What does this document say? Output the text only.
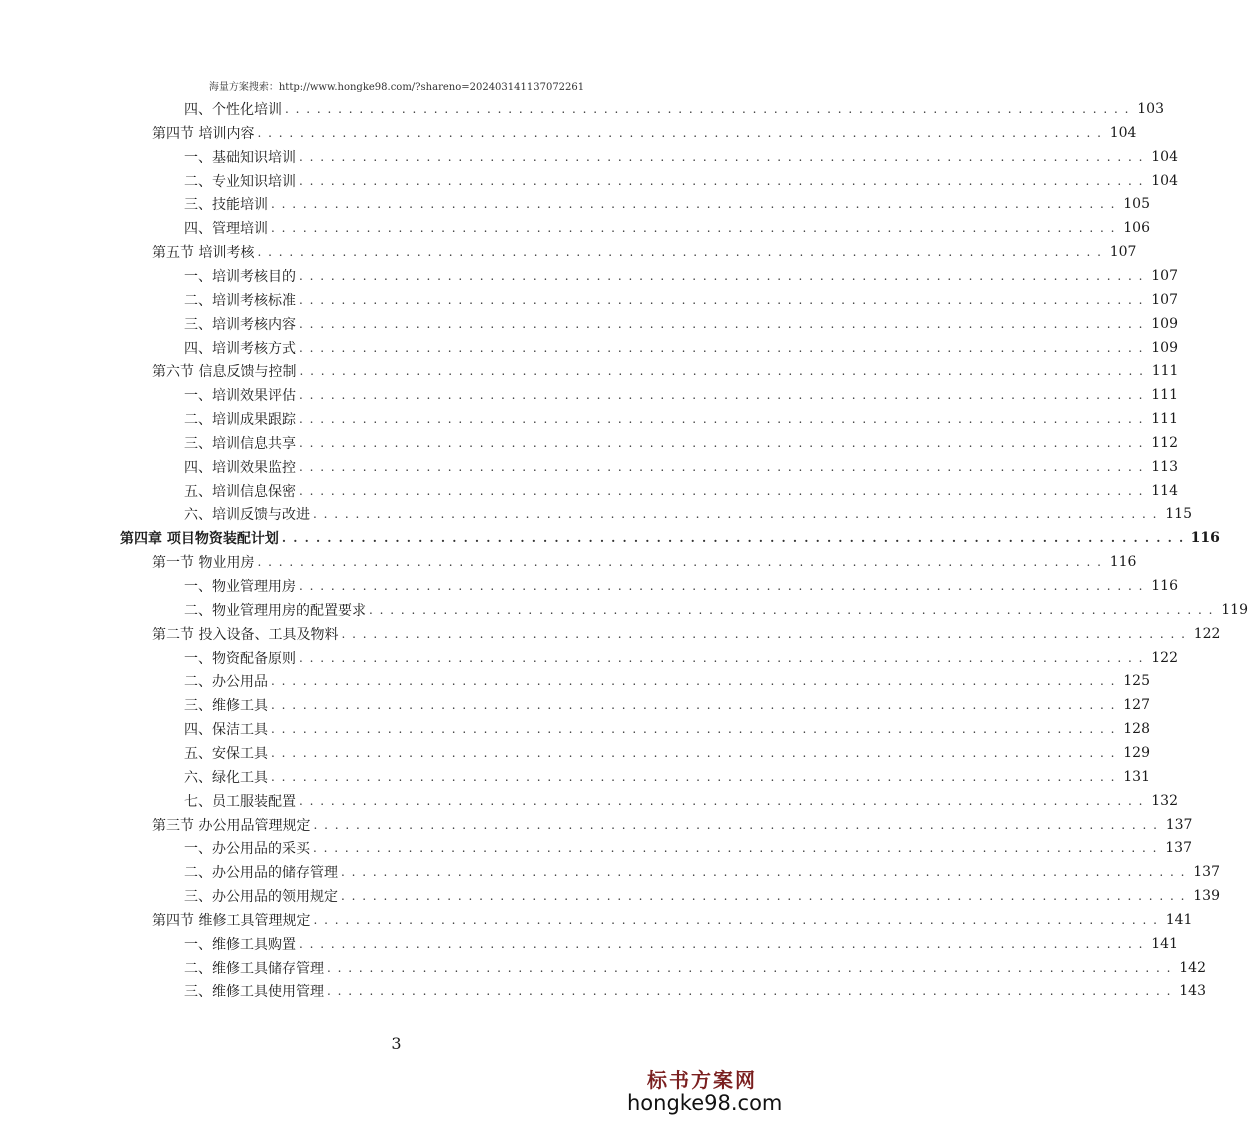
海量方案搜索：http://www.hongke98.com/?shareno=202403141137072261
四、个性化培训 . . . . . . . . . . . . . . . . . . . . . . . . . . . . . . . . . . . . . . . . . . . . . . . . . . . . . . . . . . . . . . . . . . . . . . . . . . . . . . . . 103
第四节 培训内容 . . . . . . . . . . . . . . . . . . . . . . . . . . . . . . . . . . . . . . . . . . . . . . . . . . . . . . . . . . . . . . . . . . . . . . . . . . . . . . . . 104
一、基础知识培训 . . . . . . . . . . . . . . . . . . . . . . . . . . . . . . . . . . . . . . . . . . . . . . . . . . . . . . . . . . . . . . . . . . . . . . . . . . . . . . . . 104
二、专业知识培训 . . . . . . . . . . . . . . . . . . . . . . . . . . . . . . . . . . . . . . . . . . . . . . . . . . . . . . . . . . . . . . . . . . . . . . . . . . . . . . . . 104
三、技能培训 . . . . . . . . . . . . . . . . . . . . . . . . . . . . . . . . . . . . . . . . . . . . . . . . . . . . . . . . . . . . . . . . . . . . . . . . . . . . . . . . 105
四、管理培训 . . . . . . . . . . . . . . . . . . . . . . . . . . . . . . . . . . . . . . . . . . . . . . . . . . . . . . . . . . . . . . . . . . . . . . . . . . . . . . . . 106
第五节 培训考核 . . . . . . . . . . . . . . . . . . . . . . . . . . . . . . . . . . . . . . . . . . . . . . . . . . . . . . . . . . . . . . . . . . . . . . . . . . . . . . . . 107
一、培训考核目的 . . . . . . . . . . . . . . . . . . . . . . . . . . . . . . . . . . . . . . . . . . . . . . . . . . . . . . . . . . . . . . . . . . . . . . . . . . . . . . . . 107
二、培训考核标准 . . . . . . . . . . . . . . . . . . . . . . . . . . . . . . . . . . . . . . . . . . . . . . . . . . . . . . . . . . . . . . . . . . . . . . . . . . . . . . . . 107
三、培训考核内容 . . . . . . . . . . . . . . . . . . . . . . . . . . . . . . . . . . . . . . . . . . . . . . . . . . . . . . . . . . . . . . . . . . . . . . . . . . . . . . . . 109
四、培训考核方式 . . . . . . . . . . . . . . . . . . . . . . . . . . . . . . . . . . . . . . . . . . . . . . . . . . . . . . . . . . . . . . . . . . . . . . . . . . . . . . . . 109
第六节 信息反馈与控制 . . . . . . . . . . . . . . . . . . . . . . . . . . . . . . . . . . . . . . . . . . . . . . . . . . . . . . . . . . . . . . . . . . . . . . . . . . . . . . . . 111
一、培训效果评估 . . . . . . . . . . . . . . . . . . . . . . . . . . . . . . . . . . . . . . . . . . . . . . . . . . . . . . . . . . . . . . . . . . . . . . . . . . . . . . . . 111
二、培训成果跟踪 . . . . . . . . . . . . . . . . . . . . . . . . . . . . . . . . . . . . . . . . . . . . . . . . . . . . . . . . . . . . . . . . . . . . . . . . . . . . . . . . 111
三、培训信息共享 . . . . . . . . . . . . . . . . . . . . . . . . . . . . . . . . . . . . . . . . . . . . . . . . . . . . . . . . . . . . . . . . . . . . . . . . . . . . . . . . 112
四、培训效果监控 . . . . . . . . . . . . . . . . . . . . . . . . . . . . . . . . . . . . . . . . . . . . . . . . . . . . . . . . . . . . . . . . . . . . . . . . . . . . . . . . 113
五、培训信息保密 . . . . . . . . . . . . . . . . . . . . . . . . . . . . . . . . . . . . . . . . . . . . . . . . . . . . . . . . . . . . . . . . . . . . . . . . . . . . . . . . 114
六、培训反馈与改进 . . . . . . . . . . . . . . . . . . . . . . . . . . . . . . . . . . . . . . . . . . . . . . . . . . . . . . . . . . . . . . . . . . . . . . . . . . . . . . . . 115
第四章 项目物资装配计划 . . . . . . . . . . . . . . . . . . . . . . . . . . . . . . . . . . . . . . . . . . . . . . . . . . . . . . . . . . . . . . . . . . . . . . . . . . . . . . . . 116
第一节 物业用房 . . . . . . . . . . . . . . . . . . . . . . . . . . . . . . . . . . . . . . . . . . . . . . . . . . . . . . . . . . . . . . . . . . . . . . . . . . . . . . . . 116
一、物业管理用房 . . . . . . . . . . . . . . . . . . . . . . . . . . . . . . . . . . . . . . . . . . . . . . . . . . . . . . . . . . . . . . . . . . . . . . . . . . . . . . . . 116
二、物业管理用房的配置要求 . . . . . . . . . . . . . . . . . . . . . . . . . . . . . . . . . . . . . . . . . . . . . . . . . . . . . . . . . . . . . . . . . . . . . . . . . . . . . . . . 119
第二节 投入设备、工具及物料 . . . . . . . . . . . . . . . . . . . . . . . . . . . . . . . . . . . . . . . . . . . . . . . . . . . . . . . . . . . . . . . . . . . . . . . . . . . . . . . . 122
一、物资配备原则 . . . . . . . . . . . . . . . . . . . . . . . . . . . . . . . . . . . . . . . . . . . . . . . . . . . . . . . . . . . . . . . . . . . . . . . . . . . . . . . . 122
二、办公用品 . . . . . . . . . . . . . . . . . . . . . . . . . . . . . . . . . . . . . . . . . . . . . . . . . . . . . . . . . . . . . . . . . . . . . . . . . . . . . . . . 125
三、维修工具 . . . . . . . . . . . . . . . . . . . . . . . . . . . . . . . . . . . . . . . . . . . . . . . . . . . . . . . . . . . . . . . . . . . . . . . . . . . . . . . . 127
四、保洁工具 . . . . . . . . . . . . . . . . . . . . . . . . . . . . . . . . . . . . . . . . . . . . . . . . . . . . . . . . . . . . . . . . . . . . . . . . . . . . . . . . 128
五、安保工具 . . . . . . . . . . . . . . . . . . . . . . . . . . . . . . . . . . . . . . . . . . . . . . . . . . . . . . . . . . . . . . . . . . . . . . . . . . . . . . . . 129
六、绿化工具 . . . . . . . . . . . . . . . . . . . . . . . . . . . . . . . . . . . . . . . . . . . . . . . . . . . . . . . . . . . . . . . . . . . . . . . . . . . . . . . . 131
七、员工服装配置 . . . . . . . . . . . . . . . . . . . . . . . . . . . . . . . . . . . . . . . . . . . . . . . . . . . . . . . . . . . . . . . . . . . . . . . . . . . . . . . . 132
第三节 办公用品管理规定 . . . . . . . . . . . . . . . . . . . . . . . . . . . . . . . . . . . . . . . . . . . . . . . . . . . . . . . . . . . . . . . . . . . . . . . . . . . . . . . . 137
一、办公用品的采买 . . . . . . . . . . . . . . . . . . . . . . . . . . . . . . . . . . . . . . . . . . . . . . . . . . . . . . . . . . . . . . . . . . . . . . . . . . . . . . . . 137
二、办公用品的储存管理 . . . . . . . . . . . . . . . . . . . . . . . . . . . . . . . . . . . . . . . . . . . . . . . . . . . . . . . . . . . . . . . . . . . . . . . . . . . . . . . . 137
三、办公用品的领用规定 . . . . . . . . . . . . . . . . . . . . . . . . . . . . . . . . . . . . . . . . . . . . . . . . . . . . . . . . . . . . . . . . . . . . . . . . . . . . . . . . 139
第四节 维修工具管理规定 . . . . . . . . . . . . . . . . . . . . . . . . . . . . . . . . . . . . . . . . . . . . . . . . . . . . . . . . . . . . . . . . . . . . . . . . . . . . . . . . 141
一、维修工具购置 . . . . . . . . . . . . . . . . . . . . . . . . . . . . . . . . . . . . . . . . . . . . . . . . . . . . . . . . . . . . . . . . . . . . . . . . . . . . . . . . 141
二、维修工具储存管理 . . . . . . . . . . . . . . . . . . . . . . . . . . . . . . . . . . . . . . . . . . . . . . . . . . . . . . . . . . . . . . . . . . . . . . . . . . . . . . . . 142
三、维修工具使用管理 . . . . . . . . . . . . . . . . . . . . . . . . . . . . . . . . . . . . . . . . . . . . . . . . . . . . . . . . . . . . . . . . . . . . . . . . . . . . . . . . 143
3
标书方案网
hongke98.com
